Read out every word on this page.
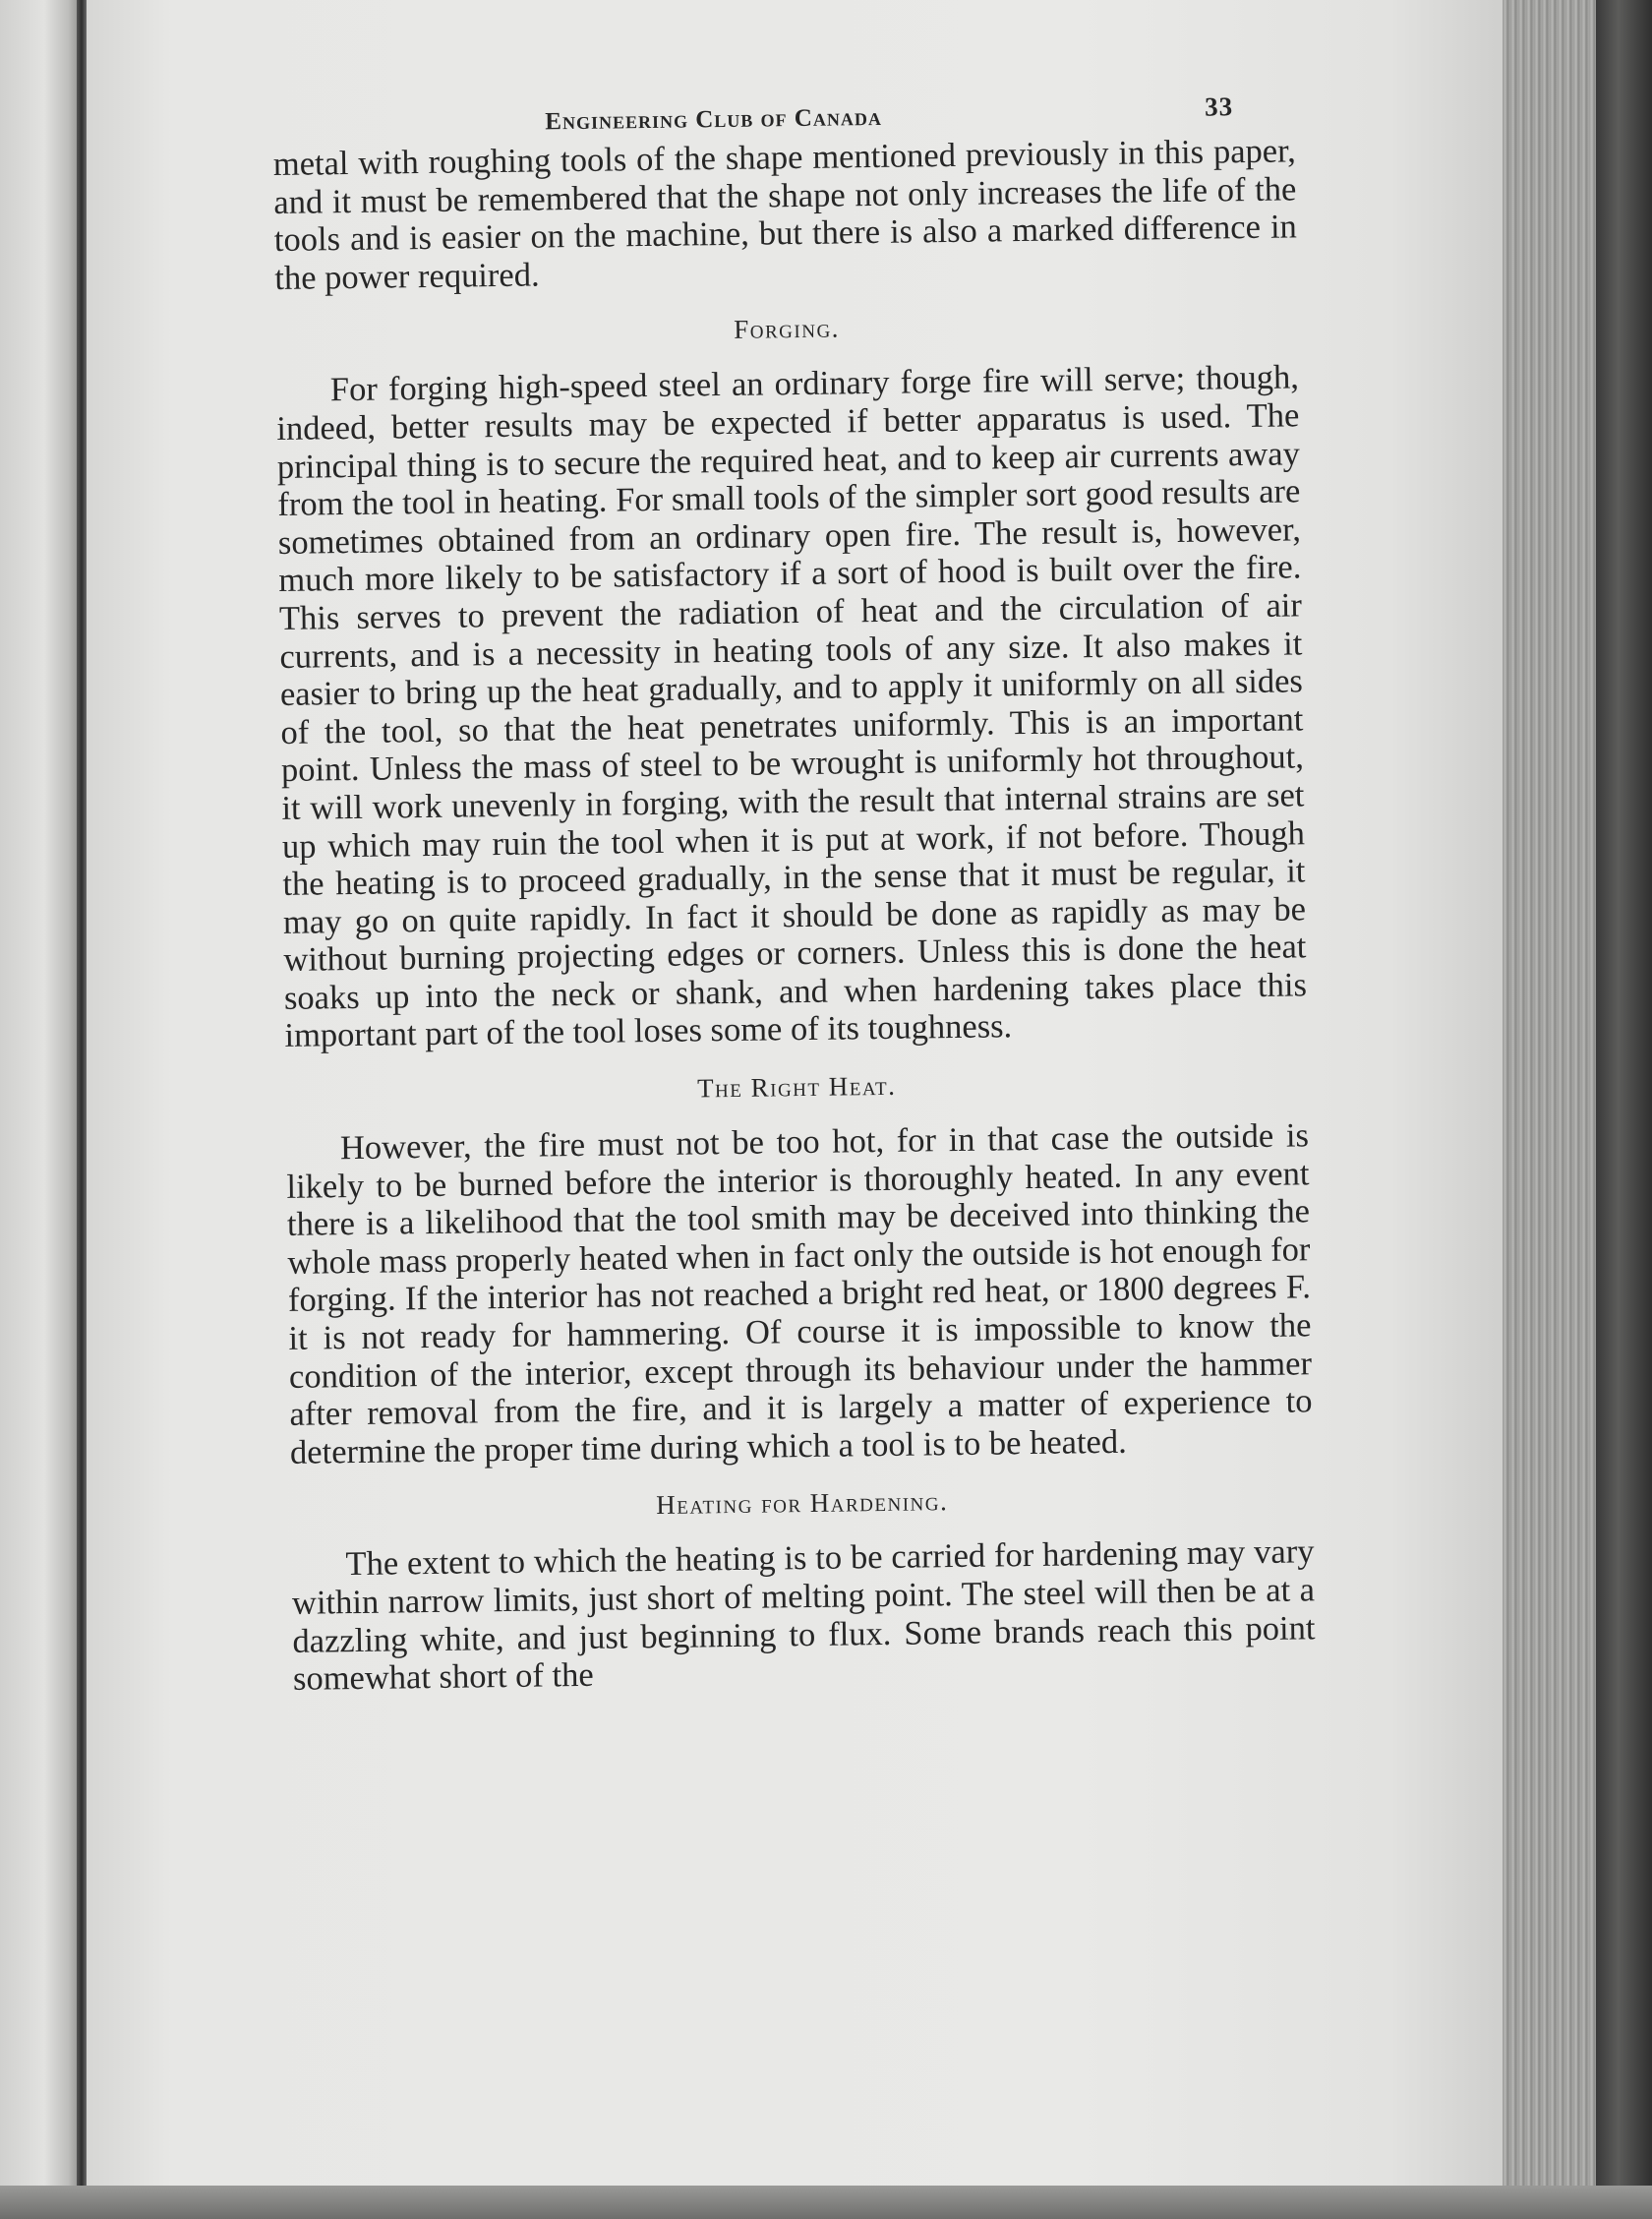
Engineering Club of Canada	33

metal with roughing tools of the shape mentioned previously in this paper, and it must be remembered that the shape not only increases the life of the tools and is easier on the machine, but there is also a marked difference in the power required.

Forging.

For forging high-speed steel an ordinary forge fire will serve; though, indeed, better results may be expected if better apparatus is used. The principal thing is to secure the required heat, and to keep air currents away from the tool in heating. For small tools of the simpler sort good results are sometimes obtained from an ordinary open fire. The result is, however, much more likely to be satisfactory if a sort of hood is built over the fire. This serves to prevent the radiation of heat and the circulation of air currents, and is a necessity in heating tools of any size. It also makes it easier to bring up the heat gradually, and to apply it uniformly on all sides of the tool, so that the heat penetrates uniformly. This is an important point. Unless the mass of steel to be wrought is uniformly hot throughout, it will work unevenly in forging, with the result that internal strains are set up which may ruin the tool when it is put at work, if not before. Though the heating is to proceed gradually, in the sense that it must be regular, it may go on quite rapidly. In fact it should be done as rapidly as may be without burning projecting edges or corners. Unless this is done the heat soaks up into the neck or shank, and when hardening takes place this important part of the tool loses some of its toughness.

The Right Heat.

However, the fire must not be too hot, for in that case the outside is likely to be burned before the interior is thoroughly heated. In any event there is a likelihood that the tool smith may be deceived into thinking the whole mass properly heated when in fact only the outside is hot enough for forging. If the interior has not reached a bright red heat, or 1800 degrees F. it is not ready for hammering. Of course it is impossible to know the condition of the interior, except through its behaviour under the hammer after removal from the fire, and it is largely a matter of experience to determine the proper time during which a tool is to be heated.

Heating for Hardening.

The extent to which the heating is to be carried for hardening may vary within narrow limits, just short of melting point. The steel will then be at a dazzling white, and just beginning to flux. Some brands reach this point somewhat short of the
